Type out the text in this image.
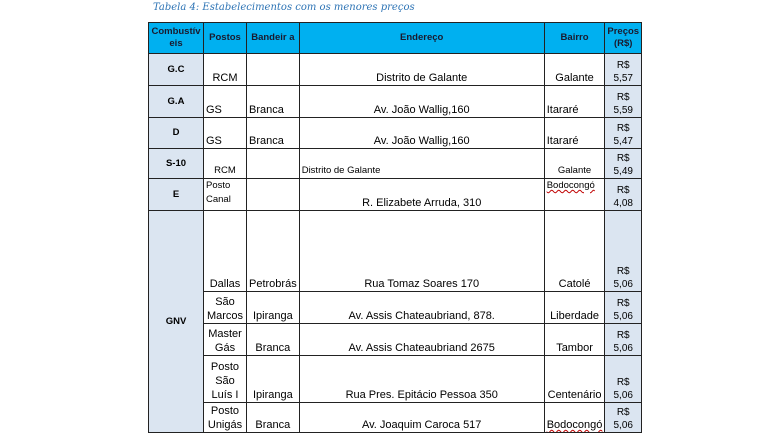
Tabela 4: Estabelecimentos com os menores preços
Combustív eis	Postos	Bandeir a	Endereço	Bairro	Preços (R$)
G.C	RCM		Distrito de Galante	Galante	R$ 5,57
G.A	GS	Branca	Av. João Wallig,160	Itararé	R$ 5,59
D	GS	Branca	Av. João Wallig,160	Itararé	R$ 5,47
S-10	RCM		Distrito de Galante	Galante	R$ 5,49
E	Posto Canal		R. Elizabete Arruda, 310	Bodocongó	R$ 4,08
GNV	Dallas	Petrobrás	Rua Tomaz Soares 170	Catolé	R$ 5,06
	São Marcos	Ipiranga	Av. Assis Chateaubriand, 878.	Liberdade	R$ 5,06
	Master Gás	Branca	Av. Assis Chateaubriand 2675	Tambor	R$ 5,06
	Posto São Luís I	Ipiranga	Rua Pres. Epitácio Pessoa 350	Centenário	R$ 5,06
	Posto Unigás	Branca	Av. Joaquim Caroca 517	Bodocongó	R$ 5,06
